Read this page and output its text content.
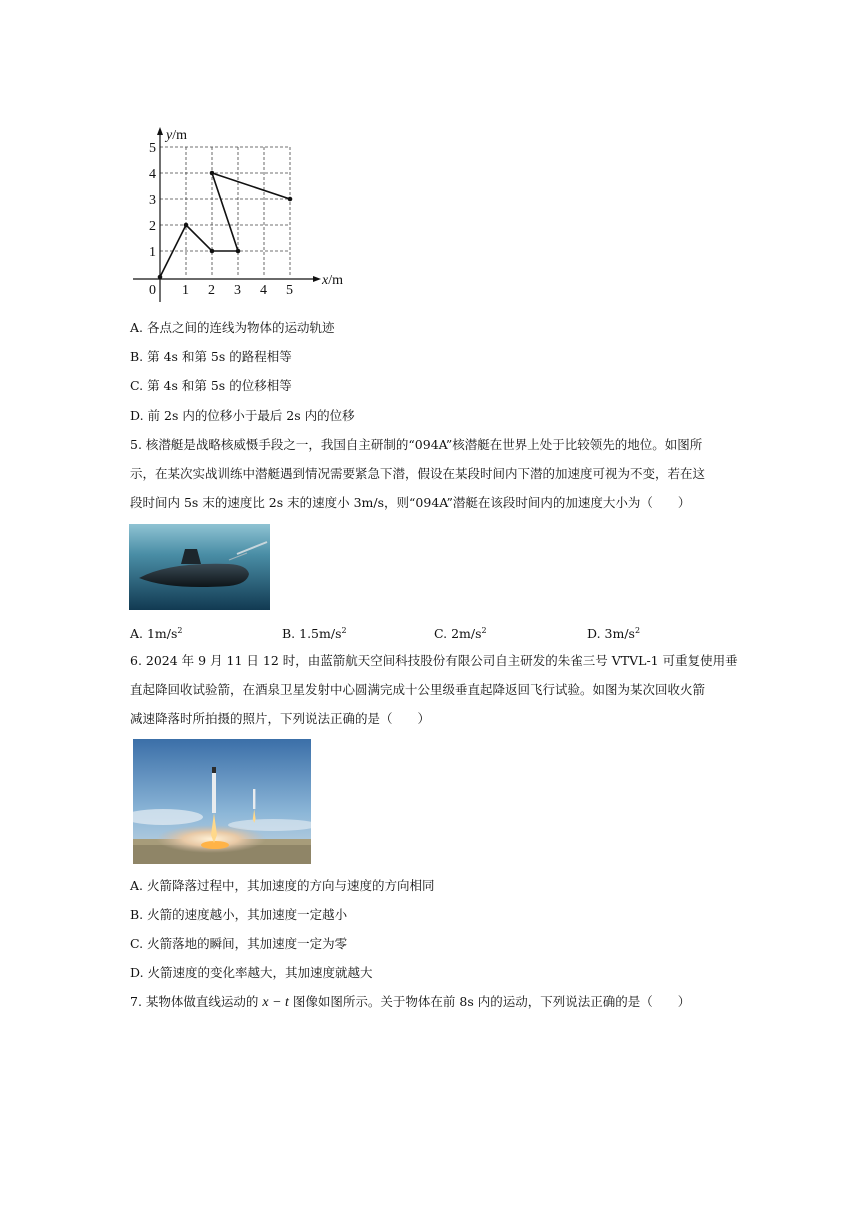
y/m
x/m
0 1 2 3 4 5
1
2
3
4
5
A. 各点之间的连线为物体的运动轨迹
B. 第 4s 和第 5s 的路程相等
C. 第 4s 和第 5s 的位移相等
D. 前 2s 内的位移小于最后 2s 内的位移
5. 核潜艇是战略核威慑手段之一，我国自主研制的“094A”核潜艇在世界上处于比较领先的地位。如图所
示，在某次实战训练中潜艇遇到情况需要紧急下潜，假设在某段时间内下潜的加速度可视为不变，若在这
段时间内 5s 末的速度比 2s 末的速度小 3m/s，则“094A”潜艇在该段时间内的加速度大小为（　　）
A. $1m/s^2$	B. $1.5m/s^2$	C. $2m/s^2$	D. $3m/s^2$
6. 2024 年 9 月 11 日 12 时，由蓝箭航天空间科技股份有限公司自主研发的朱雀三号 VTVL-1 可重复使用垂
直起降回收试验箭，在酒泉卫星发射中心圆满完成十公里级垂直起降返回飞行试验。如图为某次回收火箭
减速降落时所拍摄的照片，下列说法正确的是（　　）
A. 火箭降落过程中，其加速度的方向与速度的方向相同
B. 火箭的速度越小，其加速度一定越小
C. 火箭落地的瞬间，其加速度一定为零
D. 火箭速度的变化率越大，其加速度就越大
7. 某物体做直线运动的 x − t 图像如图所示。关于物体在前 8s 内的运动，下列说法正确的是（　　）
